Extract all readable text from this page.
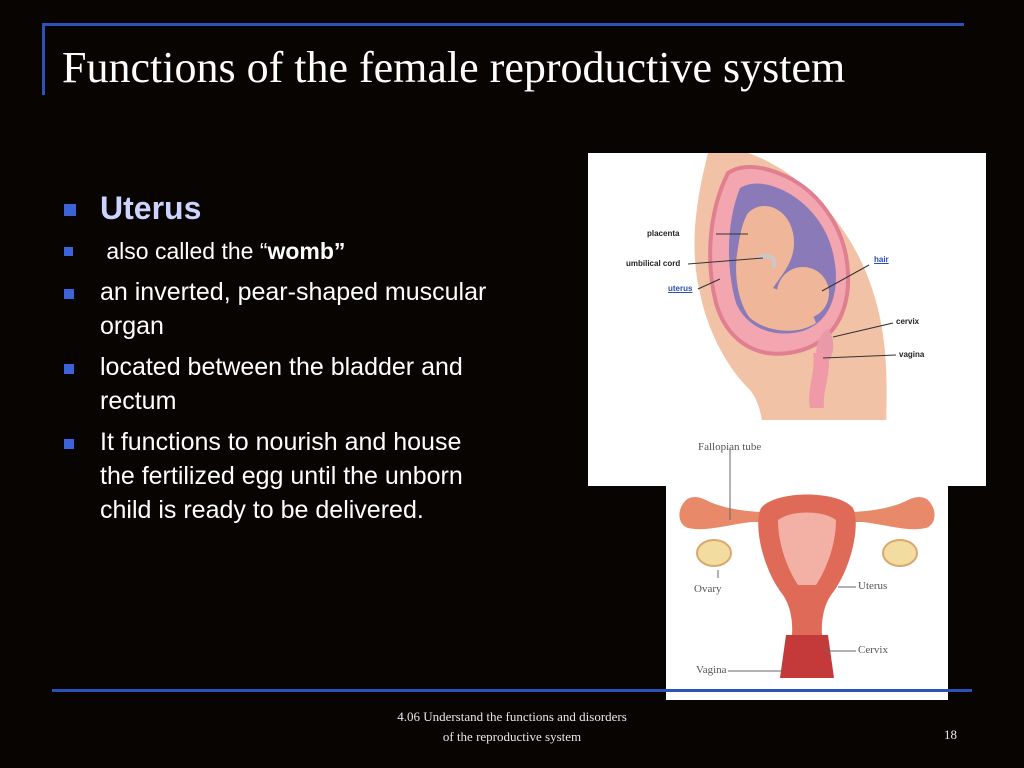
Functions of the female reproductive system
Uterus
also called the “womb”
an inverted, pear-shaped muscular organ
located between the bladder and rectum
It functions to nourish and house the fertilized egg until the unborn child is ready to be delivered.
placenta
umbilical cord
uterus
hair
cervix
vagina
Fallopian tube
Ovary	Uterus
Cervix
Vagina
4.06 Understand the functions and disorders
of the reproductive system	18
